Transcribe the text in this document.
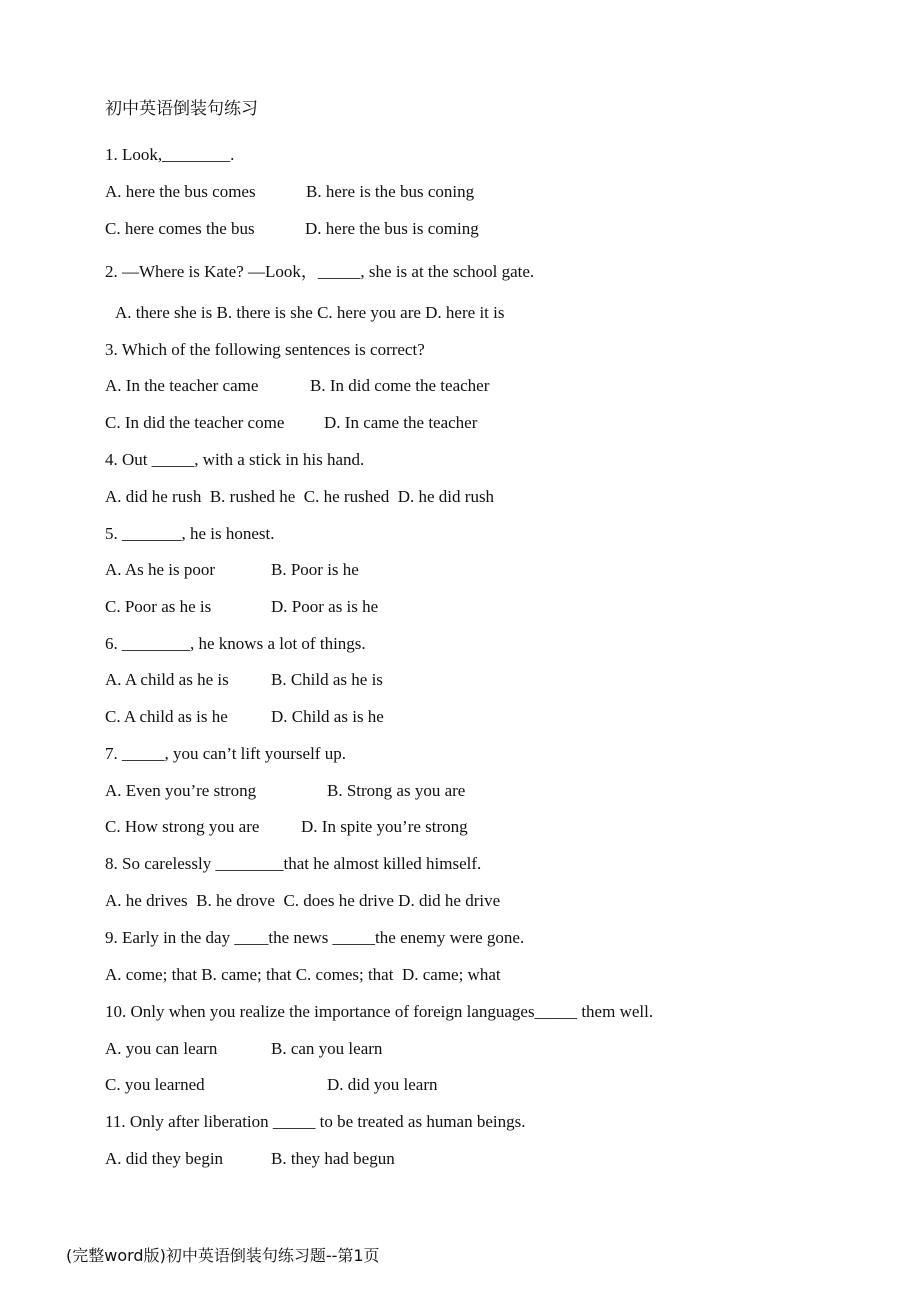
初中英语倒装句练习
1. Look,________.
A. here the bus comes	B. here is the bus coning
C. here comes the bus	D. here the bus is coming
2. —Where is Kate? —Look，_____, she is at the school gate.
A. there she is B. there is she C. here you are D. here it is
3. Which of the following sentences is correct?
A. In the teacher came	B. In did come the teacher
C. In did the teacher come D. In came the teacher
4. Out _____, with a stick in his hand.
A. did he rush  B. rushed he  C. he rushed  D. he did rush
5. _______, he is honest.
A. As he is poor	B. Poor is he
C. Poor as he is	D. Poor as is he
6. ________, he knows a lot of things.
A. A child as he is B. Child as he is
C. A child as is he	D. Child as is he
7. _____, you can’t lift yourself up.
A. Even you’re strong	B. Strong as you are
C. How strong you are D. In spite you’re strong
8. So carelessly ________that he almost killed himself.
A. he drives  B. he drove  C. does he drive D. did he drive
9. Early in the day ____the news _____the enemy were gone.
A. come; that B. came; that C. comes; that  D. came; what
10. Only when you realize the importance of foreign languages_____ them well.
A. you can learn	B. can you learn
C. you learned	D. did you learn
11. Only after liberation _____ to be treated as human beings.
A. did they begin	B. they had begun
(完整word版)初中英语倒装句练习题--第1页
